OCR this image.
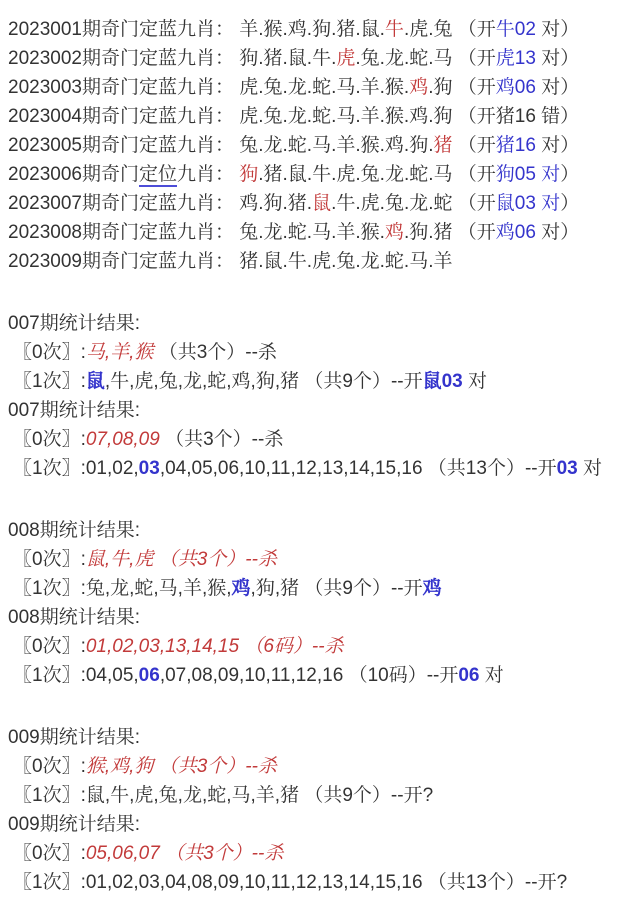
2023001期奇门定蓝九肖： 羊.猴.鸡.狗.猪.鼠.牛.虎.兔 （开牛02 对）
2023002期奇门定蓝九肖： 狗.猪.鼠.牛.虎.兔.龙.蛇.马 （开虎13 对）
2023003期奇门定蓝九肖： 虎.兔.龙.蛇.马.羊.猴.鸡.狗 （开鸡06 对）
2023004期奇门定蓝九肖： 虎.兔.龙.蛇.马.羊.猴.鸡.狗 （开猪16 错）
2023005期奇门定蓝九肖： 兔.龙.蛇.马.羊.猴.鸡.狗.猪 （开猪16 对）
2023006期奇门定位九肖： 狗.猪.鼠.牛.虎.兔.龙.蛇.马 （开狗05 对）
2023007期奇门定蓝九肖： 鸡.狗.猪.鼠.牛.虎.兔.龙.蛇 （开鼠03 对）
2023008期奇门定蓝九肖： 兔.龙.蛇.马.羊.猴.鸡.狗.猪 （开鸡06 对）
2023009期奇门定蓝九肖： 猪.鼠.牛.虎.兔.龙.蛇.马.羊
007期统计结果:
〖0次〗:马,羊,猴 （共3个）--杀
〖1次〗:鼠,牛,虎,兔,龙,蛇,鸡,狗,猪 （共9个）--开鼠03 对
007期统计结果:
〖0次〗:07,08,09 （共3个）--杀
〖1次〗:01,02,03,04,05,06,10,11,12,13,14,15,16 （共13个）--开03 对
008期统计结果:
〖0次〗:鼠,牛,虎 （共3个）--杀
〖1次〗:兔,龙,蛇,马,羊,猴,鸡,狗,猪 （共9个）--开鸡
008期统计结果:
〖0次〗:01,02,03,13,14,15 （6码）--杀
〖1次〗:04,05,06,07,08,09,10,11,12,16 （10码）--开06 对
009期统计结果:
〖0次〗:猴,鸡,狗 （共3个）--杀
〖1次〗:鼠,牛,虎,兔,龙,蛇,马,羊,猪 （共9个）--开?
009期统计结果:
〖0次〗:05,06,07 （共3个）--杀
〖1次〗:01,02,03,04,08,09,10,11,12,13,14,15,16 （共13个）--开?
